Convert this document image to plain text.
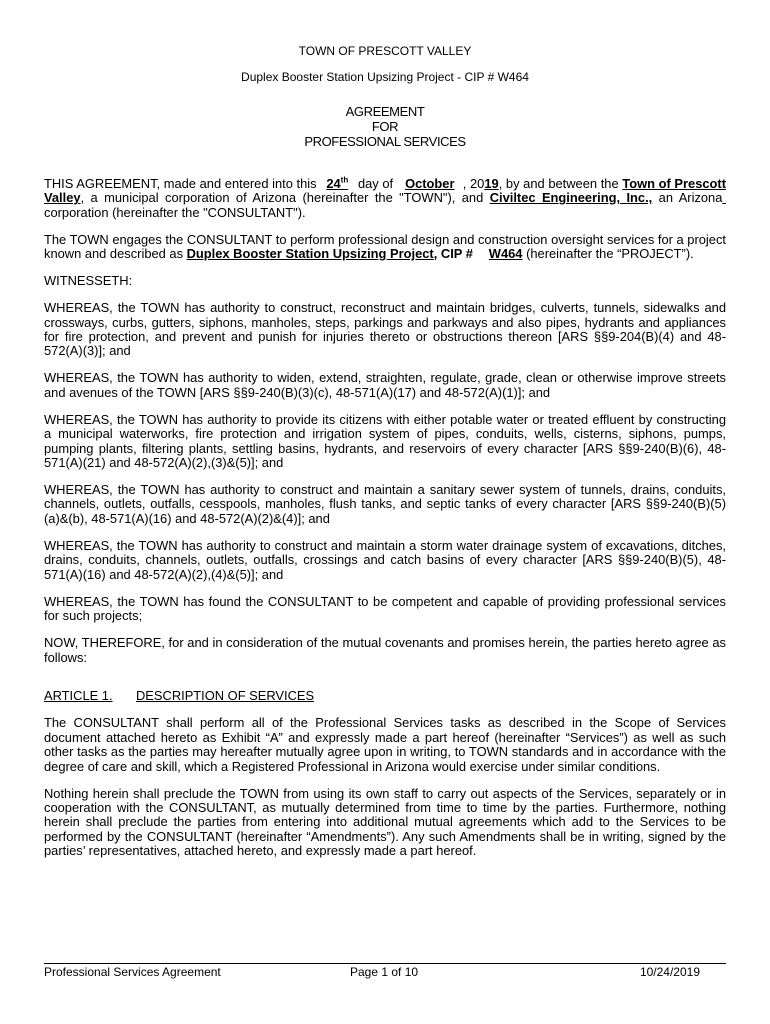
TOWN OF PRESCOTT VALLEY
Duplex Booster Station Upsizing Project - CIP # W464
AGREEMENT
FOR
PROFESSIONAL SERVICES

THIS AGREEMENT, made and entered into this 24th day of October , 2019, by and between the Town of Prescott Valley, a municipal corporation of Arizona (hereinafter the "TOWN"), and Civiltec Engineering, Inc., an Arizona  corporation (hereinafter the "CONSULTANT").

The TOWN engages the CONSULTANT to perform professional design and construction oversight services for a project known and described as Duplex Booster Station Upsizing Project, CIP # W464 (hereinafter the “PROJECT”).

WITNESSETH:

WHEREAS, the TOWN has authority to construct, reconstruct and maintain bridges, culverts, tunnels, sidewalks and crossways, curbs, gutters, siphons, manholes, steps, parkings and parkways and also pipes, hydrants and appliances for fire protection, and prevent and punish for injuries thereto or obstructions thereon [ARS §§9-204(B)(4) and 48-572(A)(3)]; and

WHEREAS, the TOWN has authority to widen, extend, straighten, regulate, grade, clean or otherwise improve streets and avenues of the TOWN [ARS §§9-240(B)(3)(c), 48-571(A)(17) and 48-572(A)(1)]; and

WHEREAS, the TOWN has authority to provide its citizens with either potable water or treated effluent by constructing a municipal waterworks, fire protection and irrigation system of pipes, conduits, wells, cisterns, siphons, pumps, pumping plants, filtering plants, settling basins, hydrants, and reservoirs of every character [ARS §§9-240(B)(6), 48-571(A)(21) and 48-572(A)(2),(3)&(5)]; and

WHEREAS, the TOWN has authority to construct and maintain a sanitary sewer system of tunnels, drains, conduits, channels, outlets, outfalls, cesspools, manholes, flush tanks, and septic tanks of every character [ARS §§9-240(B)(5)(a)&(b), 48-571(A)(16) and 48-572(A)(2)&(4)]; and

WHEREAS, the TOWN has authority to construct and maintain a storm water drainage system of excavations, ditches, drains, conduits, channels, outlets, outfalls, crossings and catch basins of every character [ARS §§9-240(B)(5), 48-571(A)(16) and 48-572(A)(2),(4)&(5)]; and

WHEREAS, the TOWN has found the CONSULTANT to be competent and capable of providing professional services for such projects;

NOW, THEREFORE, for and in consideration of the mutual covenants and promises herein, the parties hereto agree as follows:

ARTICLE 1. DESCRIPTION OF SERVICES

The CONSULTANT shall perform all of the Professional Services tasks as described in the Scope of Services document attached hereto as Exhibit “A” and expressly made a part hereof (hereinafter “Services”) as well as such other tasks as the parties may hereafter mutually agree upon in writing, to TOWN standards and in accordance with the degree of care and skill, which a Registered Professional in Arizona would exercise under similar conditions.

Nothing herein shall preclude the TOWN from using its own staff to carry out aspects of the Services, separately or in cooperation with the CONSULTANT, as mutually determined from time to time by the parties. Furthermore, nothing herein shall preclude the parties from entering into additional mutual agreements which add to the Services to be performed by the CONSULTANT (hereinafter “Amendments”). Any such Amendments shall be in writing, signed by the parties’ representatives, attached hereto, and expressly made a part hereof.

Professional Services Agreement	Page 1 of 10	10/24/2019
